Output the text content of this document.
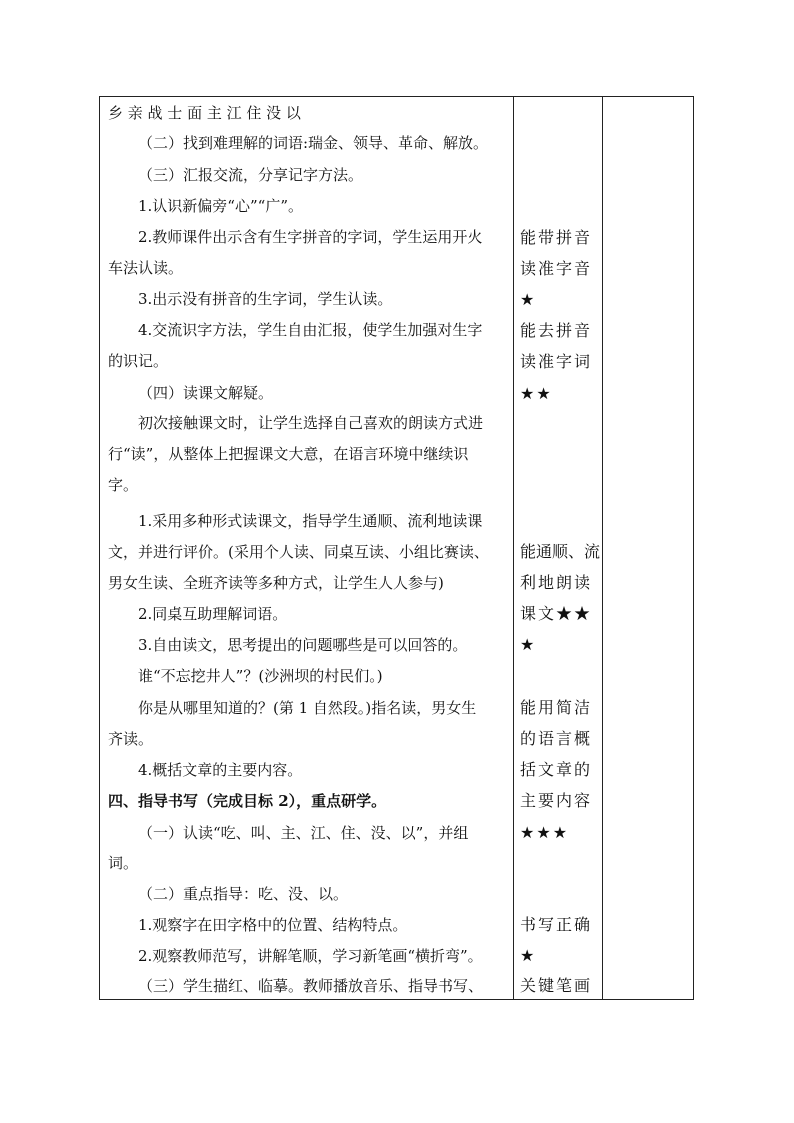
乡 亲 战 士 面 主 江 住 没 以
（二）找到难理解的词语:瑞金、领导、革命、解放。
（三）汇报交流，分享记字方法。
1.认识新偏旁“心”“广”。
2.教师课件出示含有生字拼音的字词，学生运用开火
车法认读。
3.出示没有拼音的生字词，学生认读。
4.交流识字方法，学生自由汇报，使学生加强对生字
的识记。
（四）读课文解疑。
初次接触课文时，让学生选择自己喜欢的朗读方式进
行“读”，从整体上把握课文大意，在语言环境中继续识
字。
1.采用多种形式读课文，指导学生通顺、流利地读课
文，并进行评价。(采用个人读、同桌互读、小组比赛读、
男女生读、全班齐读等多种方式，让学生人人参与)
2.同桌互助理解词语。
3.自由读文，思考提出的问题哪些是可以回答的。
谁“不忘挖井人”？(沙洲坝的村民们。)
你是从哪里知道的？(第 1 自然段。)指名读，男女生
齐读。
4.概括文章的主要内容。
四、指导书写（完成目标 2），重点研学。
（一）认读“吃、叫、主、江、住、没、以”，并组
词。
（二）重点指导：吃、没、以。
1.观察字在田字格中的位置、结构特点。
2.观察教师范写，讲解笔顺，学习新笔画“横折弯”。
（三）学生描红、临摹。教师播放音乐、指导书写、
能带拼音
读准字音
★
能去拼音
读准字词
★★
能通顺、流
利地朗读
课文★★
★
能用简洁
的语言概
括文章的
主要内容
★★★
书写正确
★
关键笔画
